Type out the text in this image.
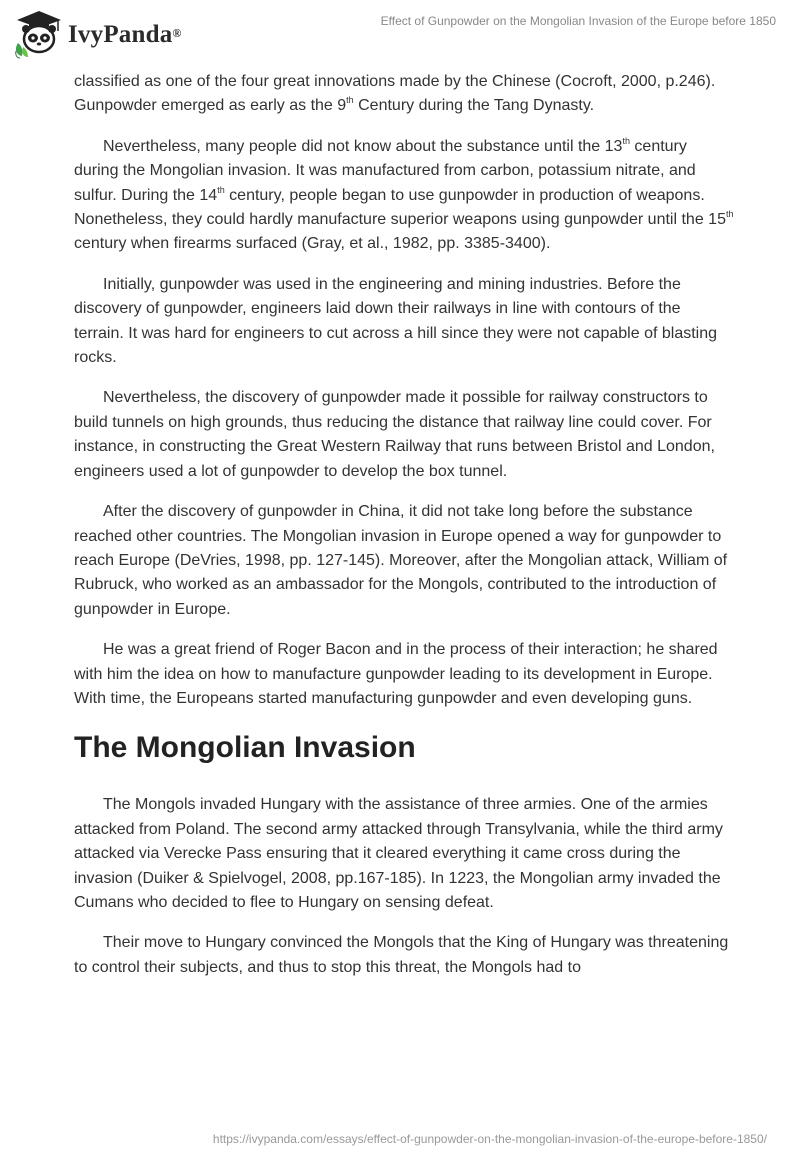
IvyPanda®
Effect of Gunpowder on the Mongolian Invasion of the Europe before 1850

classified as one of the four great innovations made by the Chinese (Cocroft, 2000, p.246). Gunpowder emerged as early as the 9th Century during the Tang Dynasty.

Nevertheless, many people did not know about the substance until the 13th century during the Mongolian invasion. It was manufactured from carbon, potassium nitrate, and sulfur. During the 14th century, people began to use gunpowder in production of weapons. Nonetheless, they could hardly manufacture superior weapons using gunpowder until the 15th century when firearms surfaced (Gray, et al., 1982, pp. 3385-3400).

Initially, gunpowder was used in the engineering and mining industries. Before the discovery of gunpowder, engineers laid down their railways in line with contours of the terrain. It was hard for engineers to cut across a hill since they were not capable of blasting rocks.

Nevertheless, the discovery of gunpowder made it possible for railway constructors to build tunnels on high grounds, thus reducing the distance that railway line could cover. For instance, in constructing the Great Western Railway that runs between Bristol and London, engineers used a lot of gunpowder to develop the box tunnel.

After the discovery of gunpowder in China, it did not take long before the substance reached other countries. The Mongolian invasion in Europe opened a way for gunpowder to reach Europe (DeVries, 1998, pp. 127-145). Moreover, after the Mongolian attack, William of Rubruck, who worked as an ambassador for the Mongols, contributed to the introduction of gunpowder in Europe.

He was a great friend of Roger Bacon and in the process of their interaction; he shared with him the idea on how to manufacture gunpowder leading to its development in Europe. With time, the Europeans started manufacturing gunpowder and even developing guns.

The Mongolian Invasion

The Mongols invaded Hungary with the assistance of three armies. One of the armies attacked from Poland. The second army attacked through Transylvania, while the third army attacked via Verecke Pass ensuring that it cleared everything it came cross during the invasion (Duiker & Spielvogel, 2008, pp.167-185). In 1223, the Mongolian army invaded the Cumans who decided to flee to Hungary on sensing defeat.

Their move to Hungary convinced the Mongols that the King of Hungary was threatening to control their subjects, and thus to stop this threat, the Mongols had to

https://ivypanda.com/essays/effect-of-gunpowder-on-the-mongolian-invasion-of-the-europe-before-1850/
